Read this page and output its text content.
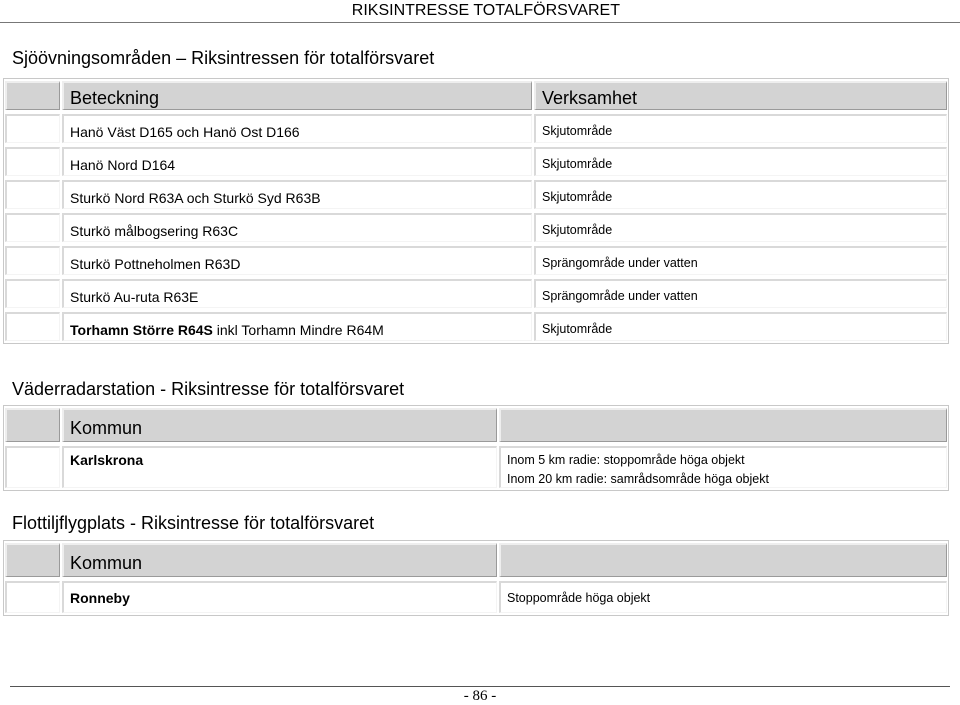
RIKSINTRESSE TOTALFÖRSVARET
Sjöövningsområden – Riksintressen för totalförsvaret
Beteckning	Verksamhet
Hanö Väst D165 och Hanö Ost D166	Skjutområde
Hanö Nord D164	Skjutområde
Sturkö Nord R63A och Sturkö Syd R63B	Skjutområde
Sturkö målbogsering R63C	Skjutområde
Sturkö Pottneholmen R63D	Sprängområde under vatten
Sturkö Au-ruta R63E	Sprängområde under vatten
Torhamn Större R64S inkl Torhamn Mindre R64M	Skjutområde
Väderradarstation - Riksintresse för totalförsvaret
Kommun
Karlskrona	Inom 5 km radie: stoppområde höga objekt
Inom 20 km radie: samrådsområde höga objekt
Flottiljflygplats - Riksintresse för totalförsvaret
Kommun
Ronneby	Stoppområde höga objekt
- 86 -
